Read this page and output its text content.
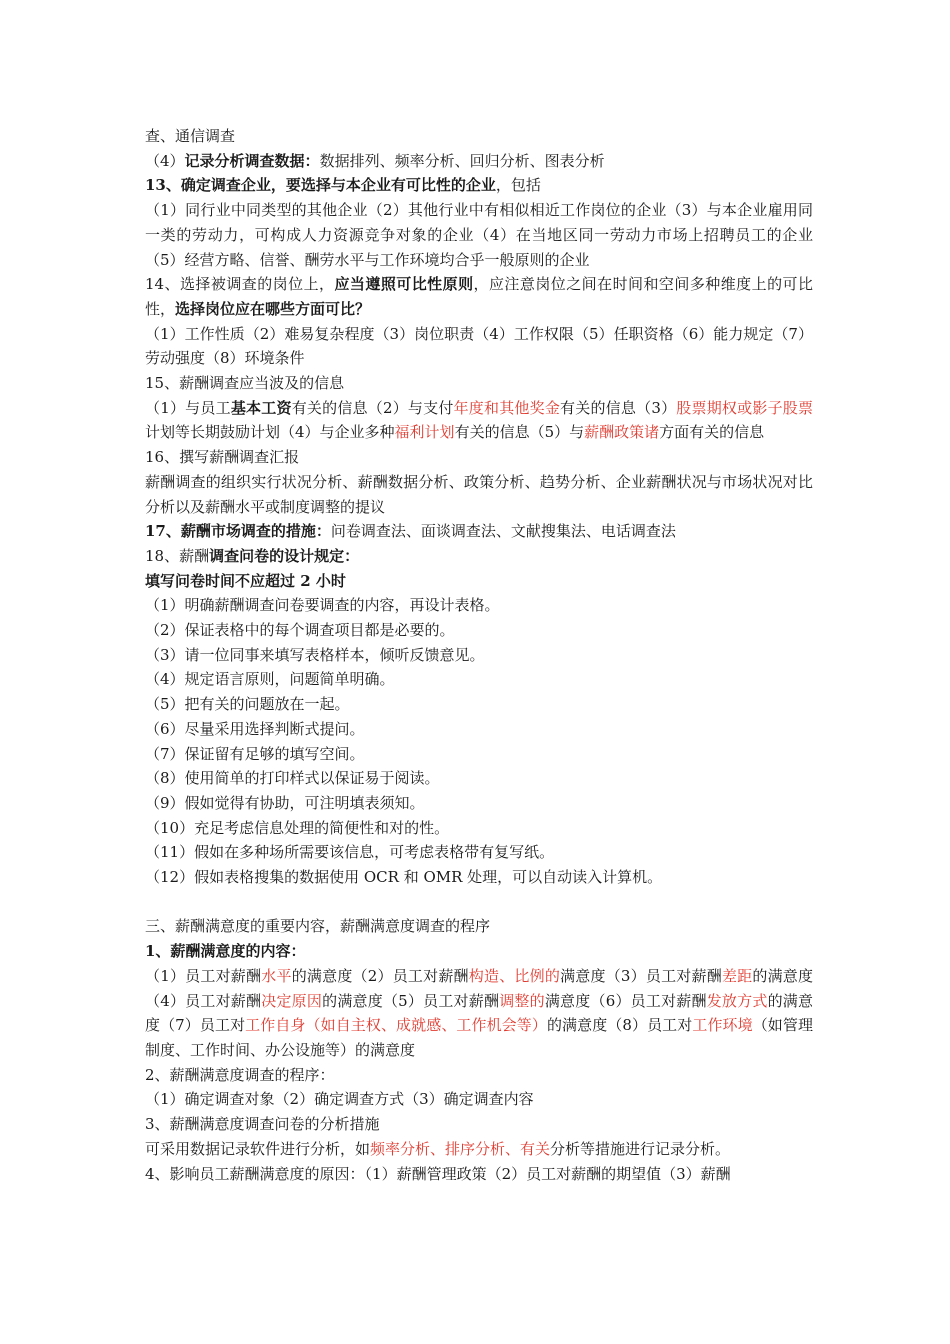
查、通信调查

（4）记录分析调查数据：数据排列、频率分析、回归分析、图表分析

13、确定调查企业，要选择与本企业有可比性的企业，包括

（1）同行业中同类型的其他企业（2）其他行业中有相似相近工作岗位的企业（3）与本企业雇用同一类的劳动力，可构成人力资源竞争对象的企业（4）在当地区同一劳动力市场上招聘员工的企业（5）经营方略、信誉、酬劳水平与工作环境均合乎一般原则的企业

14、选择被调查的岗位上，应当遵照可比性原则，应注意岗位之间在时间和空间多种维度上的可比性，选择岗位应在哪些方面可比？

（1）工作性质（2）难易复杂程度（3）岗位职责（4）工作权限（5）任职资格（6）能力规定（7）劳动强度（8）环境条件

15、薪酬调查应当波及的信息

（1）与员工基本工资有关的信息（2）与支付年度和其他奖金有关的信息（3）股票期权或影子股票计划等长期鼓励计划（4）与企业多种福利计划有关的信息（5）与薪酬政策诸方面有关的信息

16、撰写薪酬调查汇报

薪酬调查的组织实行状况分析、薪酬数据分析、政策分析、趋势分析、企业薪酬状况与市场状况对比分析以及薪酬水平或制度调整的提议

17、薪酬市场调查的措施：问卷调查法、面谈调查法、文献搜集法、电话调查法

18、薪酬调查问卷的设计规定：

填写问卷时间不应超过 2 小时

（1）明确薪酬调查问卷要调查的内容，再设计表格。

（2）保证表格中的每个调查项目都是必要的。

（3）请一位同事来填写表格样本，倾听反馈意见。

（4）规定语言原则，问题简单明确。

（5）把有关的问题放在一起。

（6）尽量采用选择判断式提问。

（7）保证留有足够的填写空间。

（8）使用简单的打印样式以保证易于阅读。

（9）假如觉得有协助，可注明填表须知。

（10）充足考虑信息处理的简便性和对的性。

（11）假如在多种场所需要该信息，可考虑表格带有复写纸。

（12）假如表格搜集的数据使用 OCR 和 OMR 处理，可以自动读入计算机。

三、薪酬满意度的重要内容，薪酬满意度调查的程序

1、薪酬满意度的内容：

（1）员工对薪酬水平的满意度（2）员工对薪酬构造、比例的满意度（3）员工对薪酬差距的满意度（4）员工对薪酬决定原因的满意度（5）员工对薪酬调整的满意度（6）员工对薪酬发放方式的满意度（7）员工对工作自身（如自主权、成就感、工作机会等）的满意度（8）员工对工作环境（如管理制度、工作时间、办公设施等）的满意度

2、薪酬满意度调查的程序：

（1）确定调查对象（2）确定调查方式（3）确定调查内容

3、薪酬满意度调查问卷的分析措施

可采用数据记录软件进行分析，如频率分析、排序分析、有关分析等措施进行记录分析。

4、影响员工薪酬满意度的原因：（1）薪酬管理政策（2）员工对薪酬的期望值（3）薪酬
